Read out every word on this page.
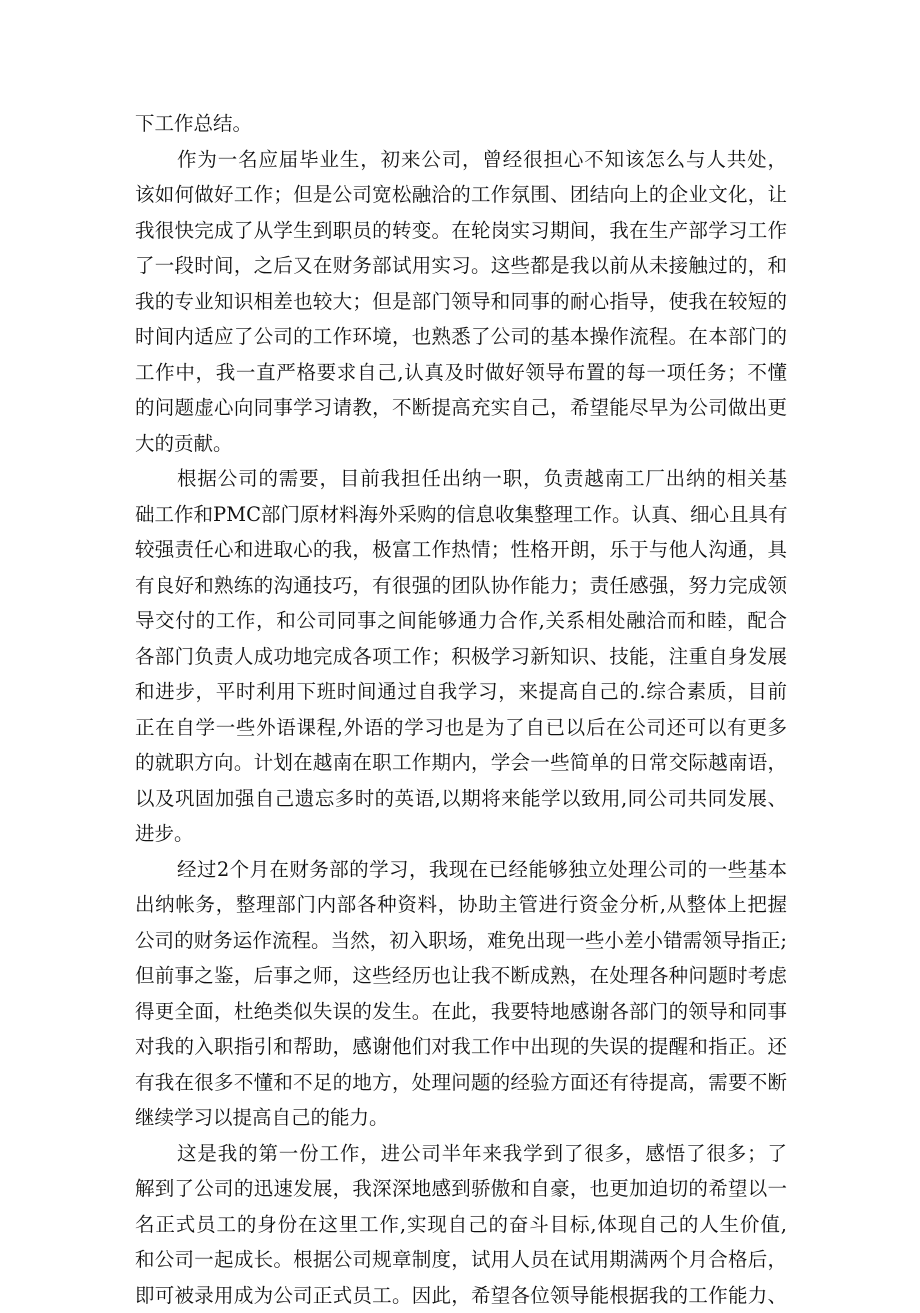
下工作总结。
作为一名应届毕业生，初来公司，曾经很担心不知该怎么与人共处，
该如何做好工作；但是公司宽松融洽的工作氛围、团结向上的企业文化，让
我很快完成了从学生到职员的转变。在轮岗实习期间，我在生产部学习工作
了一段时间，之后又在财务部试用实习。这些都是我以前从未接触过的，和
我的专业知识相差也较大；但是部门领导和同事的耐心指导，使我在较短的
时间内适应了公司的工作环境，也熟悉了公司的基本操作流程。在本部门的
工作中，我一直严格要求自己,认真及时做好领导布置的每一项任务；不懂
的问题虚心向同事学习请教，不断提高充实自己，希望能尽早为公司做出更
大的贡献。
根据公司的需要，目前我担任出纳一职，负责越南工厂出纳的相关基
础工作和PMC部门原材料海外采购的信息收集整理工作。认真、细心且具有
较强责任心和进取心的我，极富工作热情；性格开朗，乐于与他人沟通，具
有良好和熟练的沟通技巧，有很强的团队协作能力；责任感强，努力完成领
导交付的工作，和公司同事之间能够通力合作,关系相处融洽而和睦，配合
各部门负责人成功地完成各项工作；积极学习新知识、技能，注重自身发展
和进步，平时利用下班时间通过自我学习，来提高自己的.综合素质，目前
正在自学一些外语课程,外语的学习也是为了自已以后在公司还可以有更多
的就职方向。计划在越南在职工作期内，学会一些简单的日常交际越南语，
以及巩固加强自己遗忘多时的英语,以期将来能学以致用,同公司共同发展、
进步。
经过2个月在财务部的学习，我现在已经能够独立处理公司的一些基本
出纳帐务，整理部门内部各种资料，协助主管进行资金分析,从整体上把握
公司的财务运作流程。当然，初入职场，难免出现一些小差小错需领导指正;
但前事之鉴，后事之师，这些经历也让我不断成熟，在处理各种问题时考虑
得更全面，杜绝类似失误的发生。在此，我要特地感谢各部门的领导和同事
对我的入职指引和帮助，感谢他们对我工作中出现的失误的提醒和指正。还
有我在很多不懂和不足的地方，处理问题的经验方面还有待提高，需要不断
继续学习以提高自己的能力。
这是我的第一份工作，进公司半年来我学到了很多，感悟了很多；了
解到了公司的迅速发展，我深深地感到骄傲和自豪，也更加迫切的希望以一
名正式员工的身份在这里工作,实现自己的奋斗目标,体现自己的人生价值,
和公司一起成长。根据公司规章制度，试用人员在试用期满两个月合格后，
即可被录用成为公司正式员工。因此，希望各位领导能根据我的工作能力、
